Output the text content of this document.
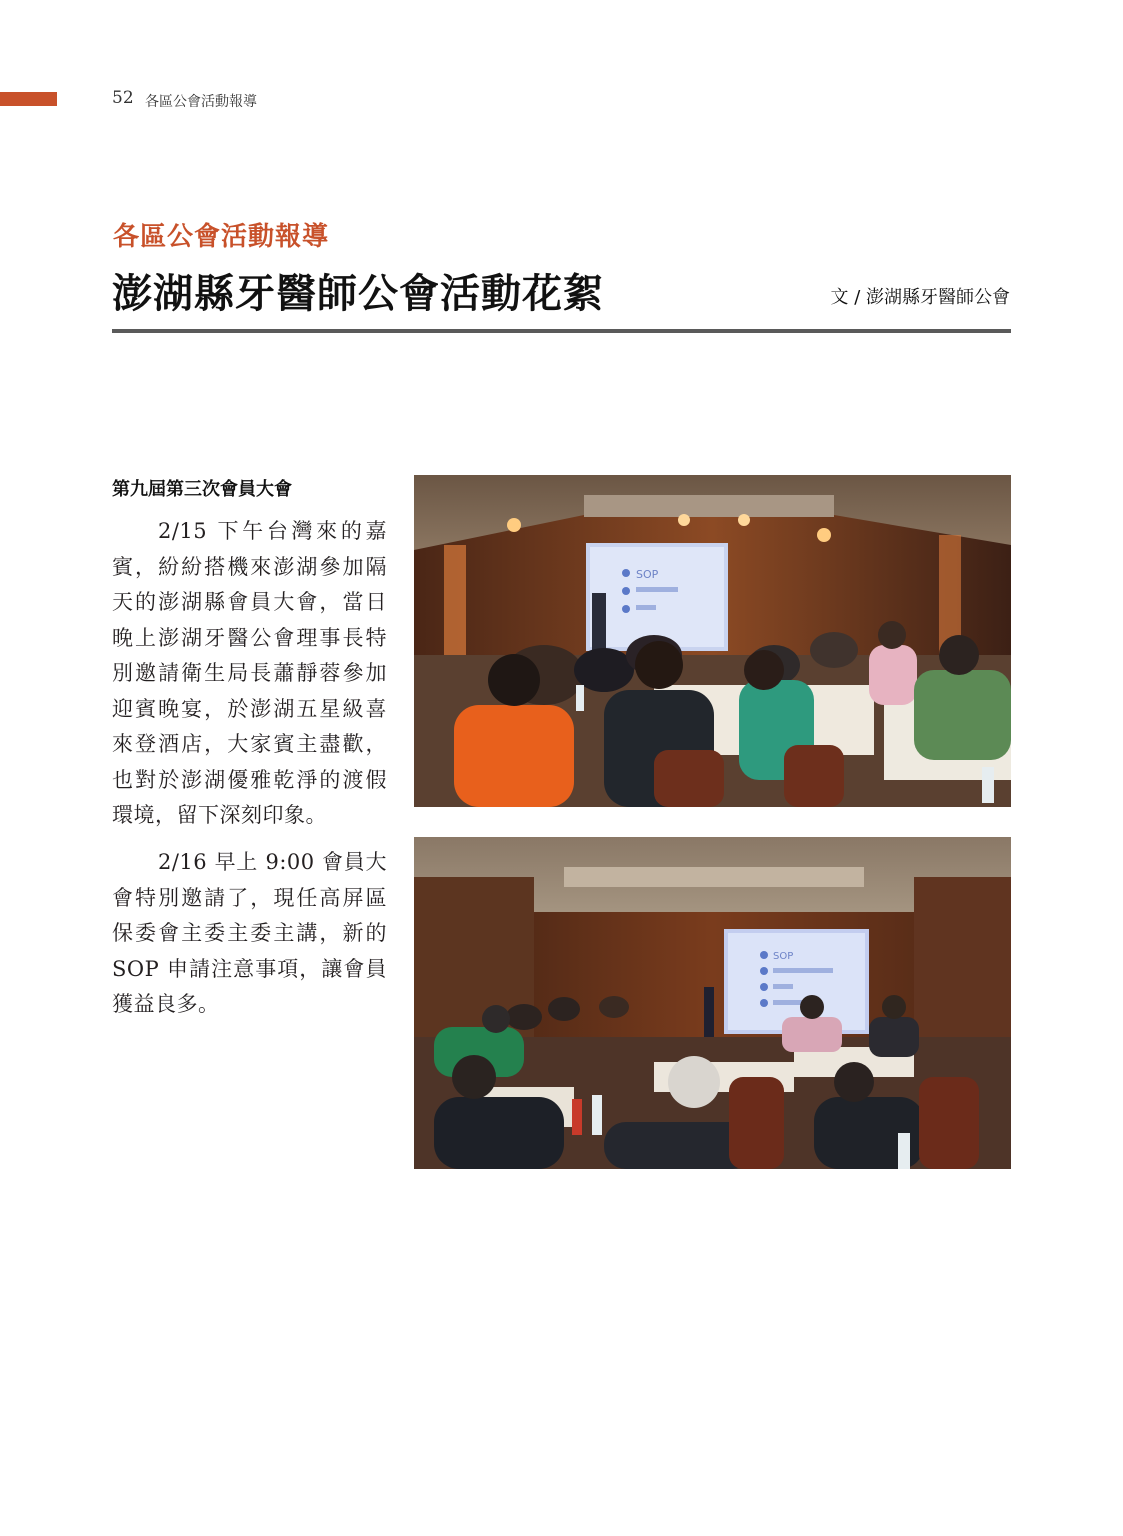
52 各區公會活動報導
各區公會活動報導
澎湖縣牙醫師公會活動花絮	文 / 澎湖縣牙醫師公會
第九屆第三次會員大會

2/15 下午台灣來的嘉賓，紛紛搭機來澎湖參加隔天的澎湖縣會員大會，當日晚上澎湖牙醫公會理事長特別邀請衛生局長蕭靜蓉參加迎賓晚宴，於澎湖五星級喜來登酒店，大家賓主盡歡，也對於澎湖優雅乾淨的渡假環境，留下深刻印象。

2/16 早上 9:00 會員大會特別邀請了，現任高屏區保委會主委主委主講，新的 SOP 申請注意事項，讓會員獲益良多。

SOP
SOP
